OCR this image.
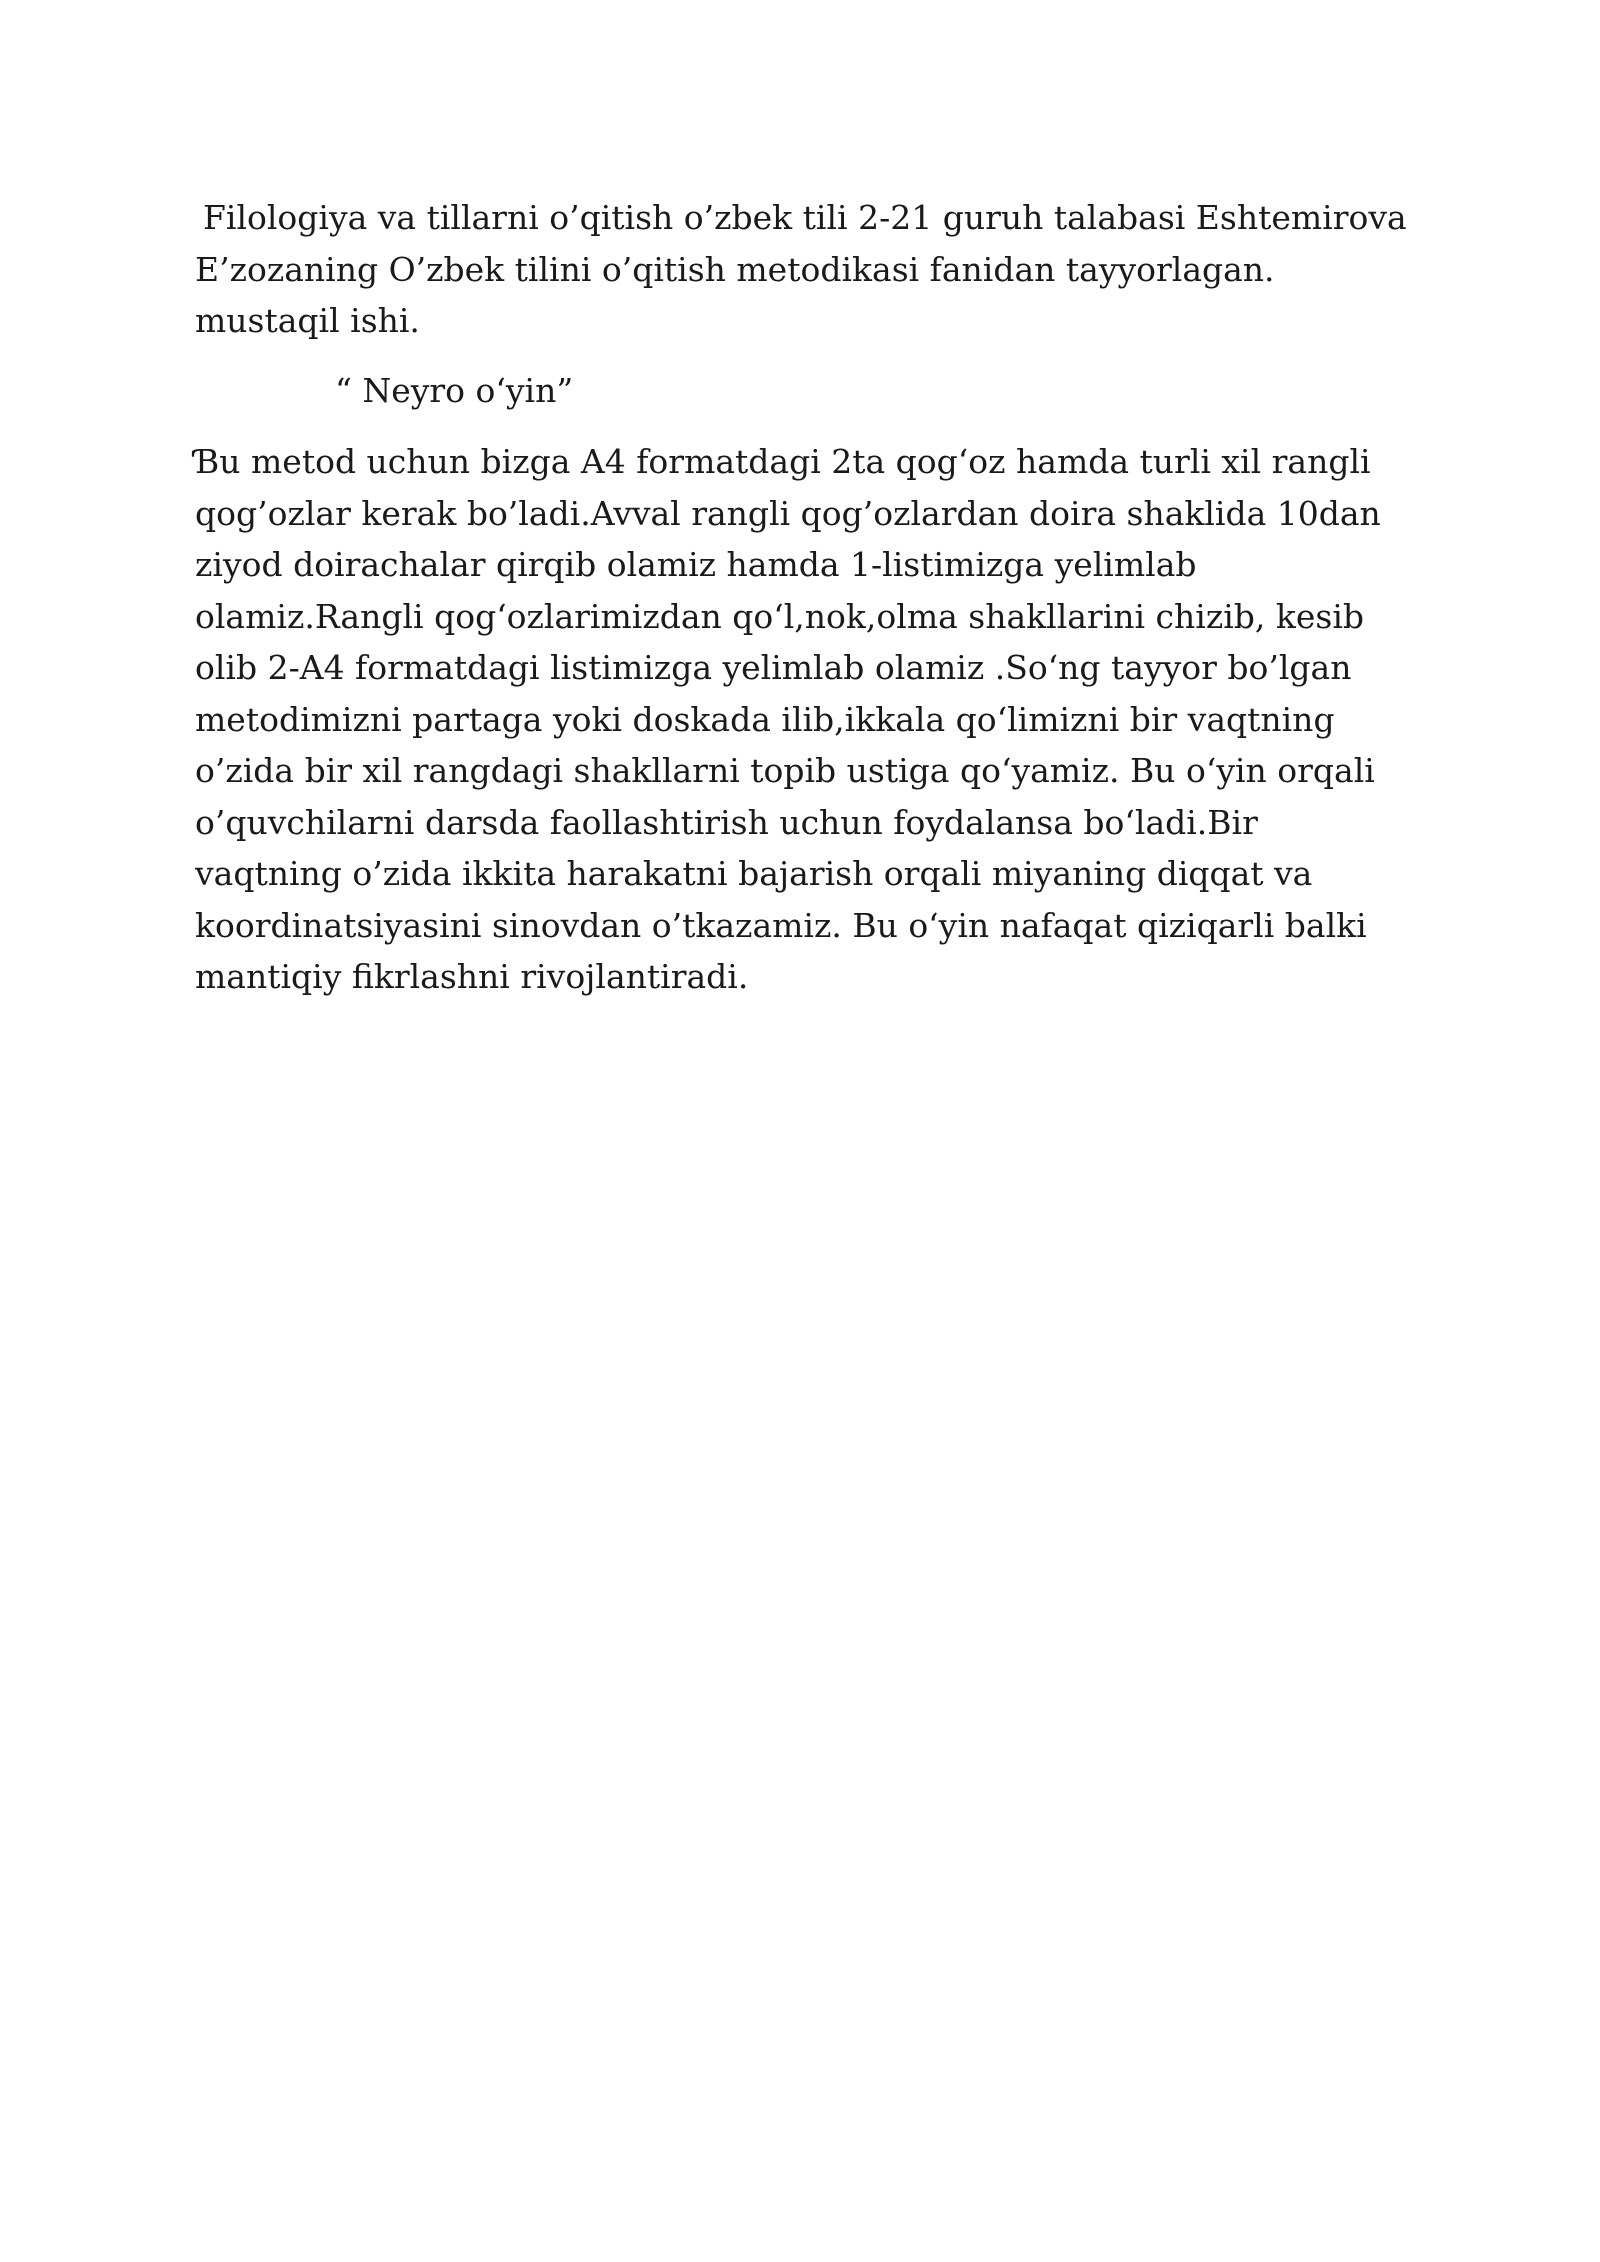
Filologiya va tillarni o’qitish o’zbek tili 2-21 guruh talabasi Eshtemirova E’zozaning O’zbek tilini o’qitish metodikasi fanidan tayyorlagan. mustaqil ishi.

“ Neyro o‘yin”

Ɓu metod uchun bizga A4 formatdagi 2ta qog‘oz hamda turli xil rangli qog’ozlar kerak bo’ladi.Avval rangli qog’ozlardan doira shaklida 10dan ziyod doirachalar qirqib olamiz hamda 1-listimizga yelimlab olamiz.Rangli qog‘ozlarimizdan qo‘l,nok,olma shakllarini chizib, kesib olib 2-A4 formatdagi listimizga yelimlab olamiz .So‘ng tayyor bo’lgan metodimizni partaga yoki doskada ilib,ikkala qo‘limizni bir vaqtning o’zida bir xil rangdagi shakllarni topib ustiga qo‘yamiz. Bu o‘yin orqali o’quvchilarni darsda faollashtirish uchun foydalansa bo‘ladi.Bir vaqtning o’zida ikkita harakatni bajarish orqali miyaning diqqat va koordinatsiyasini sinovdan o’tkazamiz. Bu o‘yin nafaqat qiziqarli balki mantiqiy fikrlashni rivojlantiradi.
